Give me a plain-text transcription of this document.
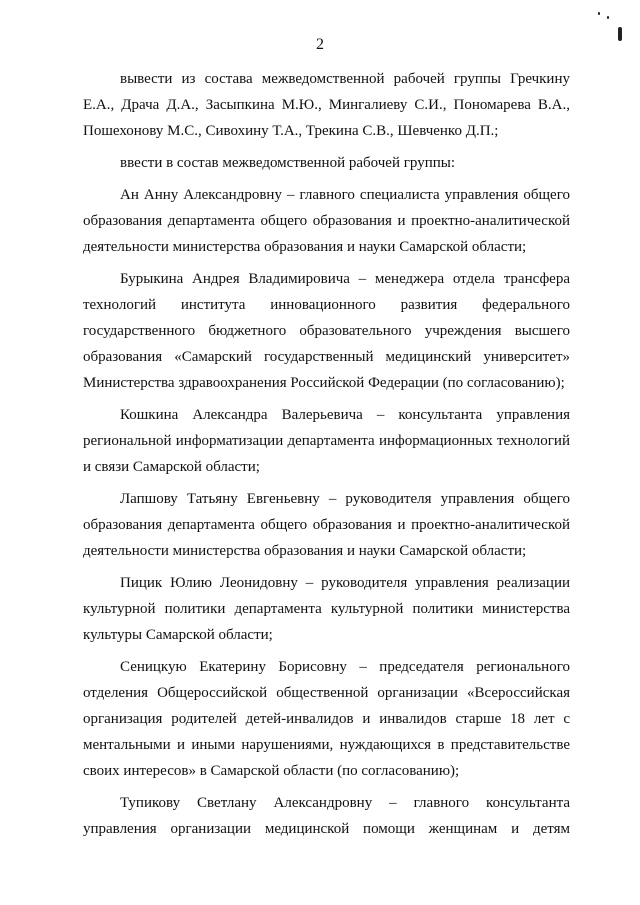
2

вывести из состава межведомственной рабочей группы Гречкину Е.А., Драча Д.А., Засыпкина М.Ю., Мингалиеву С.И., Пономарева В.А., Пошехонову М.С., Сивохину Т.А., Трекина С.В., Шевченко Д.П.;

ввести в состав межведомственной рабочей группы:

Ан Анну Александровну – главного специалиста управления общего образования департамента общего образования и проектно-аналитической деятельности министерства образования и науки Самарской области;

Бурыкина Андрея Владимировича – менеджера отдела трансфера технологий института инновационного развития федерального государственного бюджетного образовательного учреждения высшего образования «Самарский государственный медицинский университет» Министерства здравоохранения Российской Федерации (по согласованию);

Кошкина Александра Валерьевича – консультанта управления региональной информатизации департамента информационных технологий и связи Самарской области;

Лапшову Татьяну Евгеньевну – руководителя управления общего образования департамента общего образования и проектно-аналитической деятельности министерства образования и науки Самарской области;

Пицик Юлию Леонидовну – руководителя управления реализации культурной политики департамента культурной политики министерства культуры Самарской области;

Сеницкую Екатерину Борисовну – председателя регионального отделения Общероссийской общественной организации «Всероссийская организация родителей детей-инвалидов и инвалидов старше 18 лет с ментальными и иными нарушениями, нуждающихся в представительстве своих интересов» в Самарской области (по согласованию);

Тупикову Светлану Александровну – главного консультанта управления организации медицинской помощи женщинам и детям
